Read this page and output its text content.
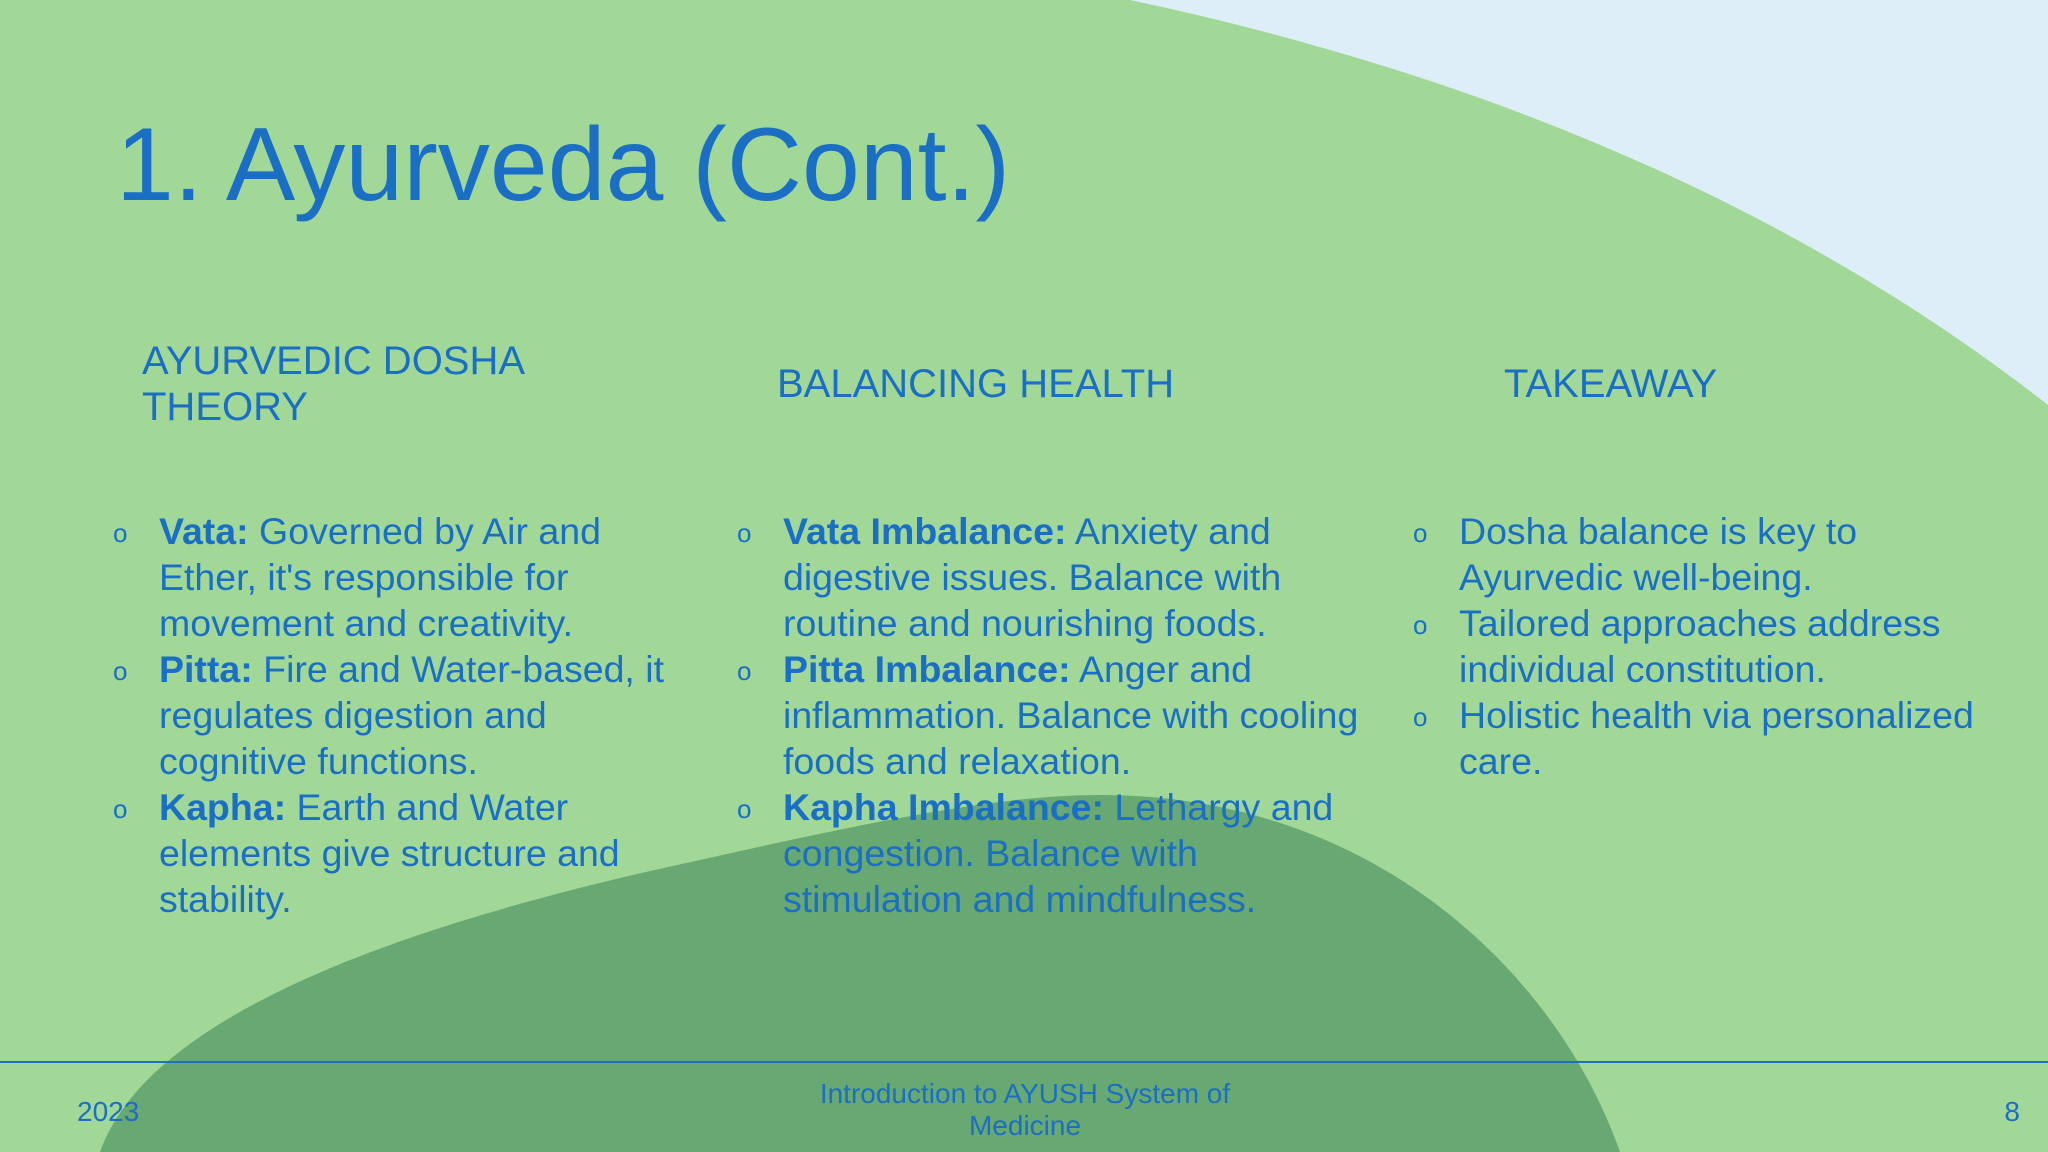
1. Ayurveda (Cont.)
AYURVEDIC DOSHA THEORY
o Vata: Governed by Air and Ether, it's responsible for movement and creativity.
o Pitta: Fire and Water-based, it regulates digestion and cognitive functions.
o Kapha: Earth and Water elements give structure and stability.
BALANCING HEALTH
o Vata Imbalance: Anxiety and digestive issues. Balance with routine and nourishing foods.
o Pitta Imbalance: Anger and inflammation. Balance with cooling foods and relaxation.
o Kapha Imbalance: Lethargy and congestion. Balance with stimulation and mindfulness.
TAKEAWAY
o Dosha balance is key to Ayurvedic well-being.
o Tailored approaches address individual constitution.
o Holistic health via personalized care.
2023
Introduction to AYUSH System of Medicine	8
